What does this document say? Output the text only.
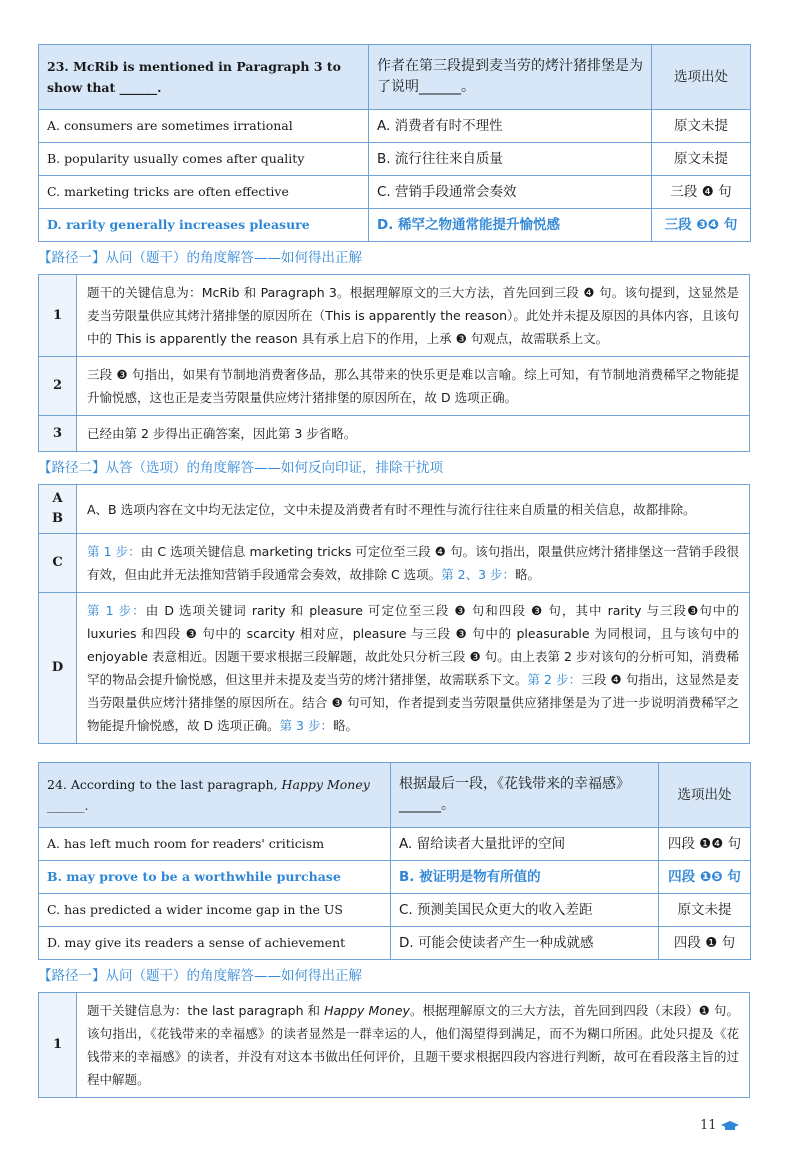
23. McRib is mentioned in Paragraph 3 to show that ______.	作者在第三段提到麦当劳的烤汁猪排堡是为了说明______。	选项出处
A. consumers are sometimes irrational	A. 消费者有时不理性	原文未提
B. popularity usually comes after quality	B. 流行往往来自质量	原文未提
C. marketing tricks are often effective	C. 营销手段通常会奏效	三段 ❹ 句
D. rarity generally increases pleasure	D. 稀罕之物通常能提升愉悦感	三段 ❸❹ 句
【路径一】从问（题干）的角度解答——如何得出正解
1	题干的关键信息为：McRib 和 Paragraph 3。根据理解原文的三大方法，首先回到三段 ❹ 句。该句提到，这显然是麦当劳限量供应其烤汁猪排堡的原因所在（This is apparently the reason）。此处并未提及原因的具体内容，且该句中的 This is apparently the reason 具有承上启下的作用，上承 ❸ 句观点，故需联系上文。
2	三段 ❸ 句指出，如果有节制地消费奢侈品，那么其带来的快乐更是难以言喻。综上可知，有节制地消费稀罕之物能提升愉悦感，这也正是麦当劳限量供应烤汁猪排堡的原因所在，故 D 选项正确。
3	已经由第 2 步得出正确答案，因此第 3 步省略。
【路径二】从答（选项）的角度解答——如何反向印证，排除干扰项
A B	A、B 选项内容在文中均无法定位，文中未提及消费者有时不理性与流行往往来自质量的相关信息，故都排除。
C	第 1 步：由 C 选项关键信息 marketing tricks 可定位至三段 ❹ 句。该句指出，限量供应烤汁猪排堡这一营销手段很有效，但由此并无法推知营销手段通常会奏效，故排除 C 选项。第 2、3 步：略。
D	第 1 步：由 D 选项关键词 rarity 和 pleasure 可定位至三段 ❸ 句和四段 ❸ 句，其中 rarity 与三段❸句中的 luxuries 和四段 ❸ 句中的 scarcity 相对应，pleasure 与三段 ❸ 句中的 pleasurable 为同根词，且与该句中的 enjoyable 表意相近。因题干要求根据三段解题，故此处只分析三段 ❸ 句。由上表第 2 步对该句的分析可知，消费稀罕的物品会提升愉悦感，但这里并未提及麦当劳的烤汁猪排堡，故需联系下文。第 2 步：三段 ❹ 句指出，这显然是麦当劳限量供应烤汁猪排堡的原因所在。结合 ❸ 句可知，作者提到麦当劳限量供应猪排堡是为了进一步说明消费稀罕之物能提升愉悦感，故 D 选项正确。第 3 步：略。
24. According to the last paragraph, Happy Money ______.	根据最后一段，《花钱带来的幸福感》______。	选项出处
A. has left much room for readers' criticism	A. 留给读者大量批评的空间	四段 ❶❹ 句
B. may prove to be a worthwhile purchase	B. 被证明是物有所值的	四段 ❶❺ 句
C. has predicted a wider income gap in the US	C. 预测美国民众更大的收入差距	原文未提
D. may give its readers a sense of achievement	D. 可能会使读者产生一种成就感	四段 ❶ 句
【路径一】从问（题干）的角度解答——如何得出正解
1	题干关键信息为：the last paragraph 和 Happy Money。根据理解原文的三大方法，首先回到四段（末段）❶ 句。该句指出，《花钱带来的幸福感》的读者显然是一群幸运的人，他们渴望得到满足，而不为糊口所困。此处只提及《花钱带来的幸福感》的读者，并没有对这本书做出任何评价，且题干要求根据四段内容进行判断，故可在看段落主旨的过程中解题。
11
